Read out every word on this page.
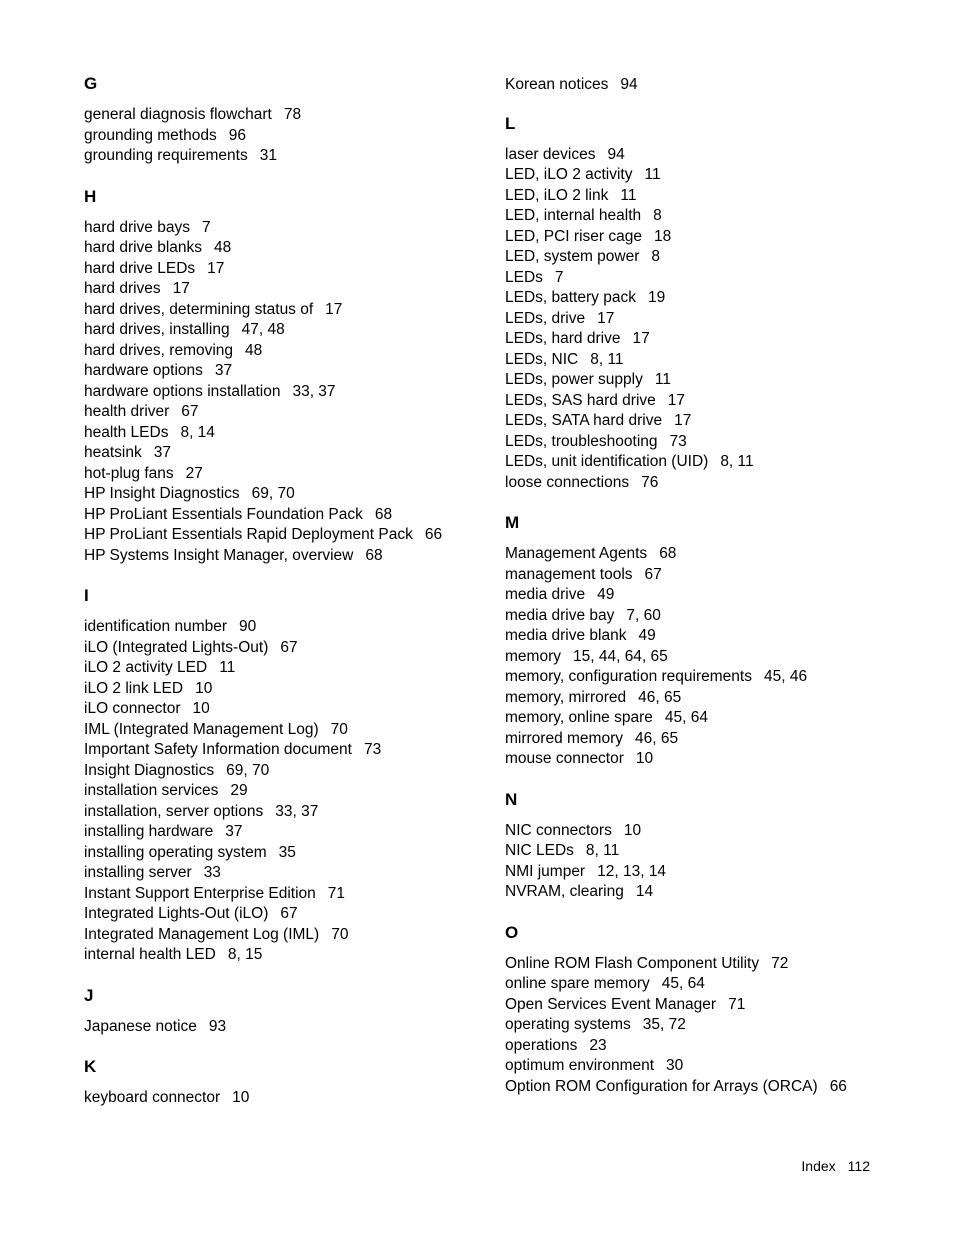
G
general diagnosis flowchart 78
grounding methods 96
grounding requirements 31
H
hard drive bays 7
hard drive blanks 48
hard drive LEDs 17
hard drives 17
hard drives, determining status of 17
hard drives, installing 47, 48
hard drives, removing 48
hardware options 37
hardware options installation 33, 37
health driver 67
health LEDs 8, 14
heatsink 37
hot-plug fans 27
HP Insight Diagnostics 69, 70
HP ProLiant Essentials Foundation Pack 68
HP ProLiant Essentials Rapid Deployment Pack 66
HP Systems Insight Manager, overview 68
I
identification number 90
iLO (Integrated Lights-Out) 67
iLO 2 activity LED 11
iLO 2 link LED 10
iLO connector 10
IML (Integrated Management Log) 70
Important Safety Information document 73
Insight Diagnostics 69, 70
installation services 29
installation, server options 33, 37
installing hardware 37
installing operating system 35
installing server 33
Instant Support Enterprise Edition 71
Integrated Lights-Out (iLO) 67
Integrated Management Log (IML) 70
internal health LED 8, 15
J
Japanese notice 93
K
keyboard connector 10
Korean notices 94
L
laser devices 94
LED, iLO 2 activity 11
LED, iLO 2 link 11
LED, internal health 8
LED, PCI riser cage 18
LED, system power 8
LEDs 7
LEDs, battery pack 19
LEDs, drive 17
LEDs, hard drive 17
LEDs, NIC 8, 11
LEDs, power supply 11
LEDs, SAS hard drive 17
LEDs, SATA hard drive 17
LEDs, troubleshooting 73
LEDs, unit identification (UID) 8, 11
loose connections 76
M
Management Agents 68
management tools 67
media drive 49
media drive bay 7, 60
media drive blank 49
memory 15, 44, 64, 65
memory, configuration requirements 45, 46
memory, mirrored 46, 65
memory, online spare 45, 64
mirrored memory 46, 65
mouse connector 10
N
NIC connectors 10
NIC LEDs 8, 11
NMI jumper 12, 13, 14
NVRAM, clearing 14
O
Online ROM Flash Component Utility 72
online spare memory 45, 64
Open Services Event Manager 71
operating systems 35, 72
operations 23
optimum environment 30
Option ROM Configuration for Arrays (ORCA) 66
Index 112
